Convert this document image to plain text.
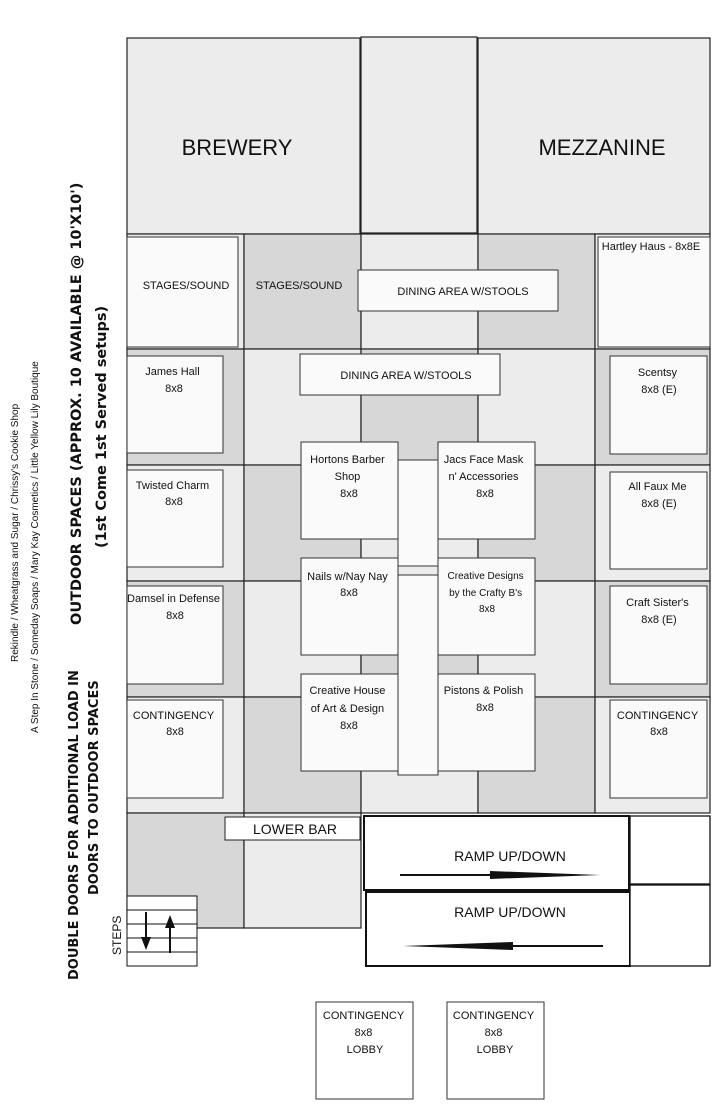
BREWERY	MEZZANINE
STAGES/SOUND STAGES/SOUND	DINING AREA W/STOOLS
DINING AREA W/STOOLS
Hartley Haus - 8x8E
James Hall 8x8
Scentsy 8x8 (E)
Twisted Charm 8x8
All Faux Me 8x8 (E)
Hortons Barber Shop 8x8
Jacs Face Mask n' Accessories 8x8
Damsel in Defense 8x8
Craft Sister's 8x8 (E)
Nails w/Nay Nay 8x8
Creative Designs by the Crafty B's 8x8
CONTINGENCY 8x8
CONTINGENCY 8x8
Creative House of Art & Design 8x8
Pistons & Polish 8x8
LOWER BAR
RAMP UP/DOWN
RAMP UP/DOWN
STEPS
CONTINGENCY 8x8 LOBBY
CONTINGENCY 8x8 LOBBY
OUTDOOR SPACES (APPROX. 10 AVAILABLE @ 10'X10') (1st Come 1st Served setups)
DOUBLE DOORS FOR ADDITIONAL LOAD IN DOORS TO OUTDOOR SPACES
Rekindle / Wheatgrass and Sugar / Chrissy's Cookie Shop A Step In Stone / Someday Soaps / Mary Kay Cosmetics / Little Yellow Lily Boutique
